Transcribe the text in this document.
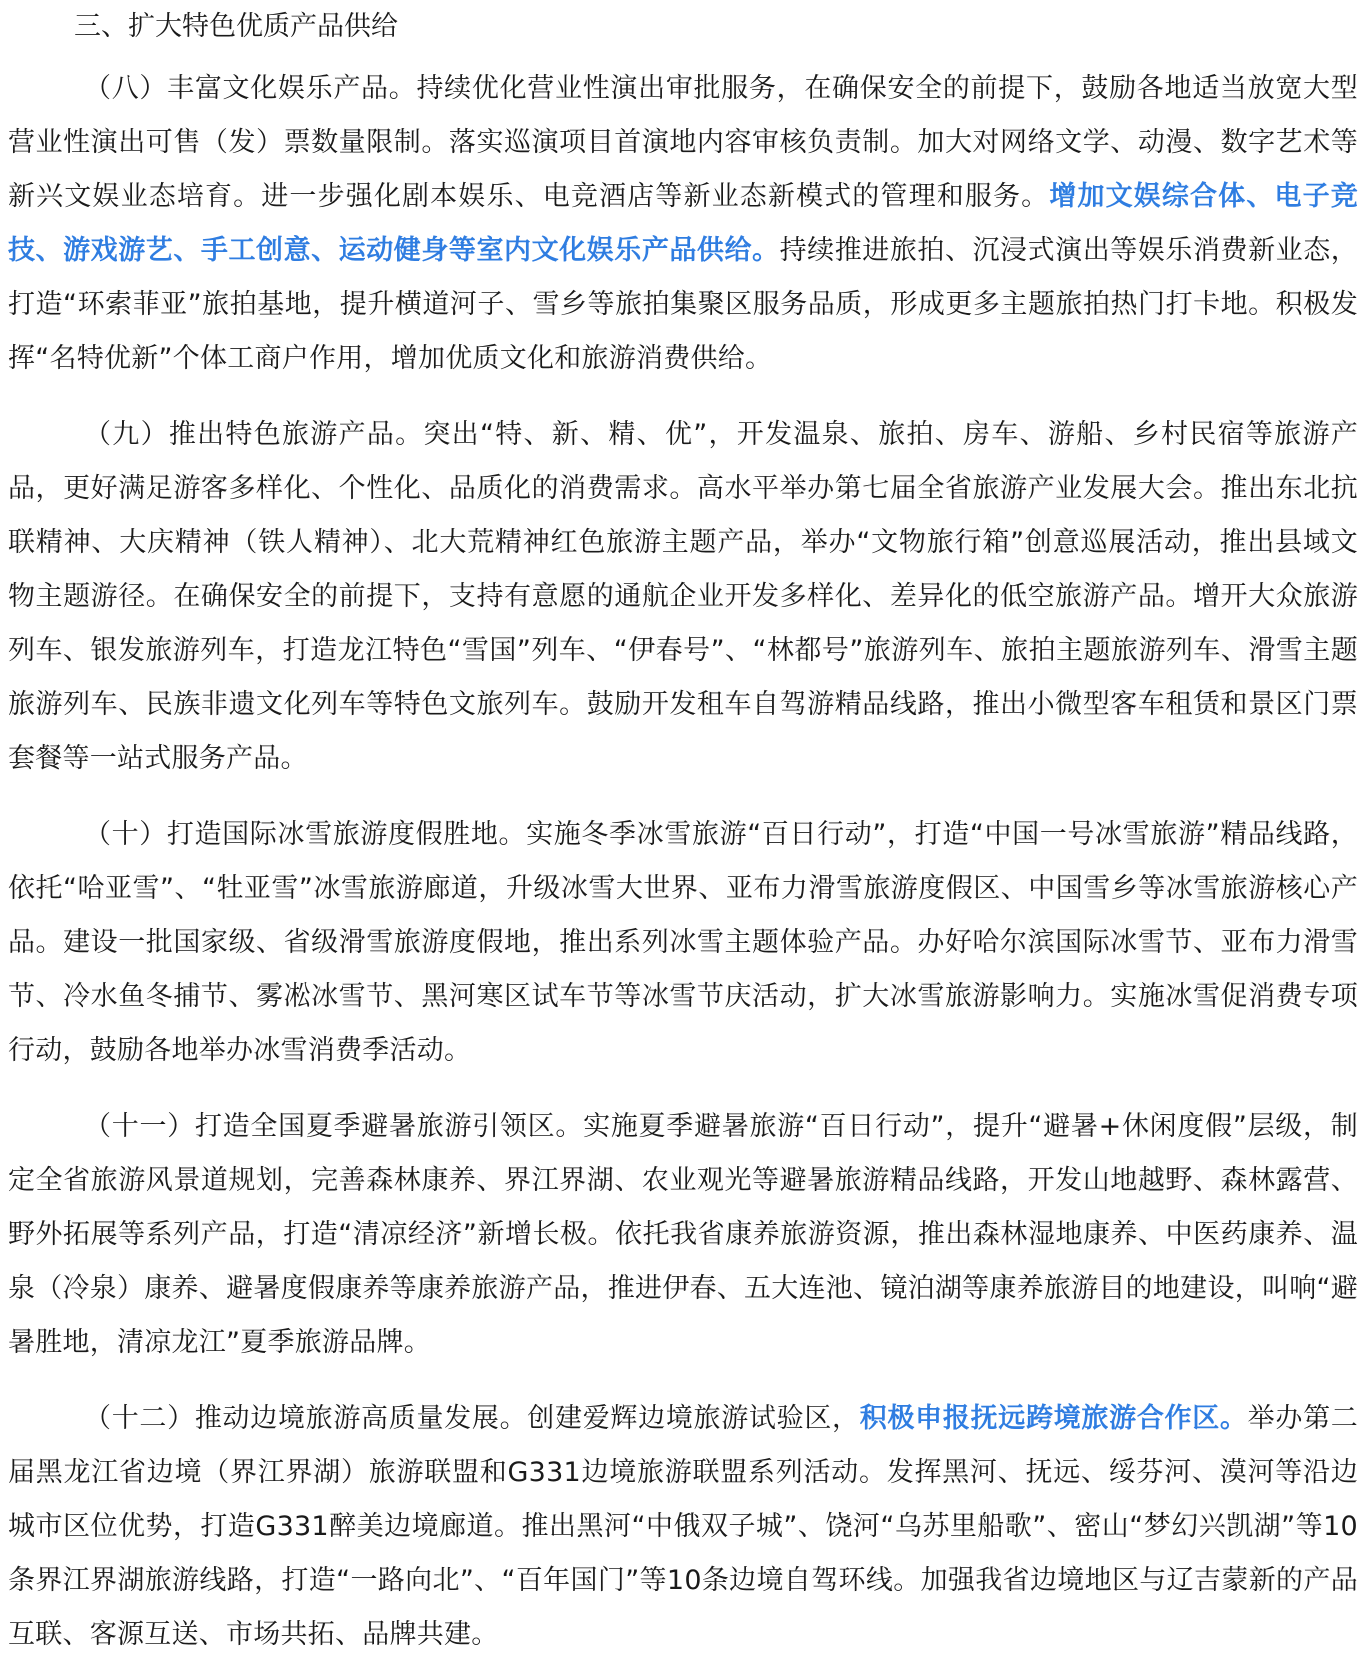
三、扩大特色优质产品供给

（八）丰富文化娱乐产品。持续优化营业性演出审批服务，在确保安全的前提下，鼓励各地适当放宽大型营业性演出可售（发）票数量限制。落实巡演项目首演地内容审核负责制。加大对网络文学、动漫、数字艺术等新兴文娱业态培育。进一步强化剧本娱乐、电竞酒店等新业态新模式的管理和服务。增加文娱综合体、电子竞技、游戏游艺、手工创意、运动健身等室内文化娱乐产品供给。持续推进旅拍、沉浸式演出等娱乐消费新业态，打造“环索菲亚”旅拍基地，提升横道河子、雪乡等旅拍集聚区服务品质，形成更多主题旅拍热门打卡地。积极发挥“名特优新”个体工商户作用，增加优质文化和旅游消费供给。

（九）推出特色旅游产品。突出“特、新、精、优”，开发温泉、旅拍、房车、游船、乡村民宿等旅游产品，更好满足游客多样化、个性化、品质化的消费需求。高水平举办第七届全省旅游产业发展大会。推出东北抗联精神、大庆精神（铁人精神）、北大荒精神红色旅游主题产品，举办“文物旅行箱”创意巡展活动，推出县域文物主题游径。在确保安全的前提下，支持有意愿的通航企业开发多样化、差异化的低空旅游产品。增开大众旅游列车、银发旅游列车，打造龙江特色“雪国”列车、“伊春号”、“林都号”旅游列车、旅拍主题旅游列车、滑雪主题旅游列车、民族非遗文化列车等特色文旅列车。鼓励开发租车自驾游精品线路，推出小微型客车租赁和景区门票套餐等一站式服务产品。

（十）打造国际冰雪旅游度假胜地。实施冬季冰雪旅游“百日行动”，打造“中国一号冰雪旅游”精品线路，依托“哈亚雪”、“牡亚雪”冰雪旅游廊道，升级冰雪大世界、亚布力滑雪旅游度假区、中国雪乡等冰雪旅游核心产品。建设一批国家级、省级滑雪旅游度假地，推出系列冰雪主题体验产品。办好哈尔滨国际冰雪节、亚布力滑雪节、冷水鱼冬捕节、雾凇冰雪节、黑河寒区试车节等冰雪节庆活动，扩大冰雪旅游影响力。实施冰雪促消费专项行动，鼓励各地举办冰雪消费季活动。

（十一）打造全国夏季避暑旅游引领区。实施夏季避暑旅游“百日行动”，提升“避暑+休闲度假”层级，制定全省旅游风景道规划，完善森林康养、界江界湖、农业观光等避暑旅游精品线路，开发山地越野、森林露营、野外拓展等系列产品，打造“清凉经济”新增长极。依托我省康养旅游资源，推出森林湿地康养、中医药康养、温泉（冷泉）康养、避暑度假康养等康养旅游产品，推进伊春、五大连池、镜泊湖等康养旅游目的地建设，叫响“避暑胜地，清凉龙江”夏季旅游品牌。

（十二）推动边境旅游高质量发展。创建爱辉边境旅游试验区，积极申报抚远跨境旅游合作区。举办第二届黑龙江省边境（界江界湖）旅游联盟和G331边境旅游联盟系列活动。发挥黑河、抚远、绥芬河、漠河等沿边城市区位优势，打造G331醉美边境廊道。推出黑河“中俄双子城”、饶河“乌苏里船歌”、密山“梦幻兴凯湖”等10条界江界湖旅游线路，打造“一路向北”、“百年国门”等10条边境自驾环线。加强我省边境地区与辽吉蒙新的产品互联、客源互送、市场共拓、品牌共建。
